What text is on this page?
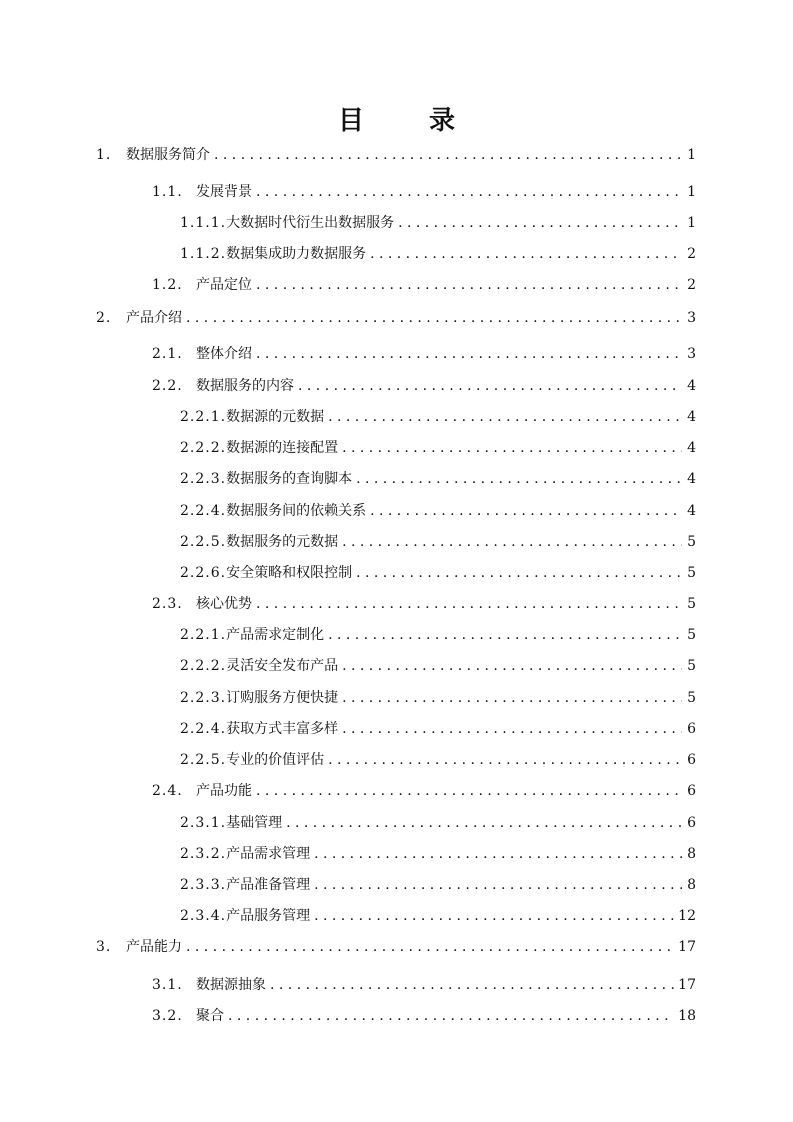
目 录
1.	数据服务简介 . . .	1
1.1. 发展背景 . . .	1
1.1.1. 大数据时代衍生出数据服务 . . .	1
1.1.2. 数据集成助力数据服务 . . .	2
1.2. 产品定位 . . .	2
2.	产品介绍 . . .	3
2.1. 整体介绍 . . .	3
2.2. 数据服务的内容 . . .	4
2.2.1. 数据源的元数据 . . .	4
2.2.2. 数据源的连接配置 . . .	4
2.2.3. 数据服务的查询脚本 . . .	4
2.2.4. 数据服务间的依赖关系 . . .	4
2.2.5. 数据服务的元数据 . . .	5
2.2.6. 安全策略和权限控制 . . .	5
2.3. 核心优势 . . .	5
2.2.1. 产品需求定制化 . . .	5
2.2.2. 灵活安全发布产品 . . .	5
2.2.3. 订购服务方便快捷 . . .	5
2.2.4. 获取方式丰富多样 . . .	6
2.2.5. 专业的价值评估 . . .	6
2.4. 产品功能 . . .	6
2.3.1. 基础管理 . . .	6
2.3.2. 产品需求管理 . . .	8
2.3.3. 产品准备管理 . . .	8
2.3.4. 产品服务管理 . . .	12
3.	产品能力 . . .	17
3.1. 数据源抽象 . . .	17
3.2. 聚合 . . .	18
